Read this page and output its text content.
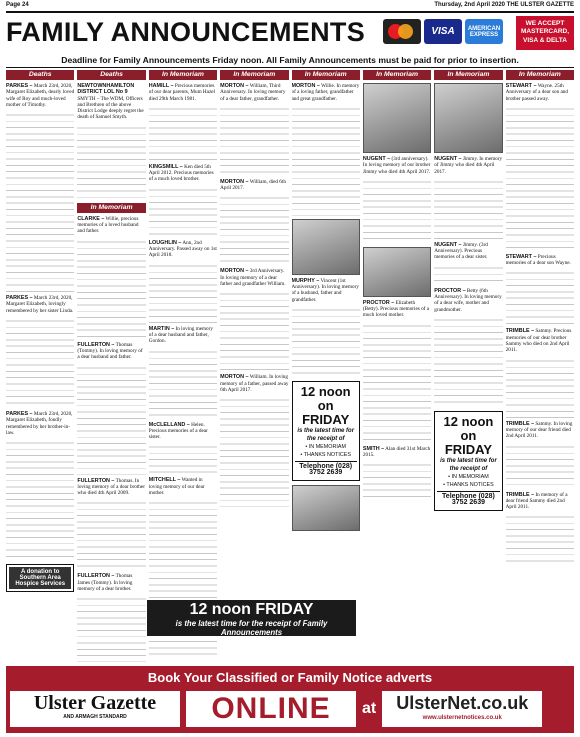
Page 24	Thursday, 2nd April 2020 THE ULSTER GAZETTE
FAMILY ANNOUNCEMENTS	VISA	AMERICAN EXPRESS
WE ACCEPT MASTERCARD, VISA & DELTA
Deadline for Family Announcements Friday noon. All Family Announcements must be paid for prior to insertion.
Deaths
PARKES – March 23rd, 2020, Margaret Elizabeth, dearly loved wife of Roy and much-loved mother of Timothy.
PARKES – March 23rd, 2020, Margaret Elizabeth, lovingly remembered by her sister Linda.
PARKES – March 23rd, 2020, Margaret Elizabeth, fondly remembered by her brother-in-law.
A donation to Southern Area Hospice Services
Deaths
NEWTOWNHAMILTON DISTRICT LOL No 9 SMYTH – The WDM, Officers and Brethren of the above District Lodge deeply regret the death of Samuel Smyth.
In Memoriam
CLARKE – Willie, precious memories of a loved husband and father.
FULLERTON – Thomas (Tommy). In loving memory of a dear husband and father.
FULLERTON – Thomas. In loving memory of a dear brother who died 4th April 2009.
FULLERTON – Thomas James (Tommy). In loving memory of a dear brother.
In Memoriam
HAMILL – Precious memories of our dear parents, Mum Hazel died 29th March 1981.
KINGSMILL – Ken died 5th April 2012. Precious memories of a much loved brother.
LOUGHLIN – Ann, 2nd Anniversary. Passed away on 1st April 2018.
MARTIN – In loving memory of a dear husband and father, Gordon.
McCLELLAND – Helen. Precious memories of a dear sister.
MITCHELL – Wanted in loving memory of our dear mother.
In Memoriam
MORTON – William, Third Anniversary. In loving memory of a dear father, grandfather.
MORTON – William, died 6th April 2017.
MORTON – 3rd Anniversary. In loving memory of a dear father and grandfather William.
MORTON – William. In loving memory of a father, passed away 6th April 2017.
In Memoriam
MORTON – Willie. In memory of a loving father, grandfather and great grandfather.
MURPHY – Vincent (1st Anniversary). In loving memory of a husband, father and grandfather.
12 noon on FRIDAY
is the latest time for the receipt of
• IN MEMORIAM
• THANKS NOTICES
Telephone (028) 3752 2639
In Memoriam
NUGENT – (3rd anniversary). In loving memory of our brother Jimmy who died 4th April 2017.
PROCTOR – Elizabeth (Betty). Precious memories of a much loved mother.
SMITH – Alan died 31st March 2015.
In Memoriam
NUGENT – Jimmy. In memory of Jimmy who died 4th April 2017.
NUGENT – Jimmy. (3rd Anniversary). Precious memories of a dear sister.
PROCTOR – Betty (6th Anniversary). In loving memory of a dear wife, mother and grandmother.
12 noon on FRIDAY
is the latest time for the receipt of
• IN MEMORIAM
• THANKS NOTICES
Telephone (028) 3752 2639
In Memoriam
STEWART – Wayne. 25th Anniversary of a dear son and brother passed away.
STEWART – Precious memories of a dear son Wayne.
TRIMBLE – Sammy. Precious memories of our dear brother Sammy who died on 2nd April 2011.
TRIMBLE – Sammy. In loving memory of our dear friend died 2nd April 2011.
TRIMBLE – In memory of a dear friend Sammy died 2nd April 2011.
12 noon FRIDAY
is the latest time for the receipt of Family Announcements
Book Your Classified or Family Notice adverts
Ulster Gazette
AND ARMAGH STANDARD	ONLINE	at	UlsterNet.co.uk
www.ulsternetnotices.co.uk
